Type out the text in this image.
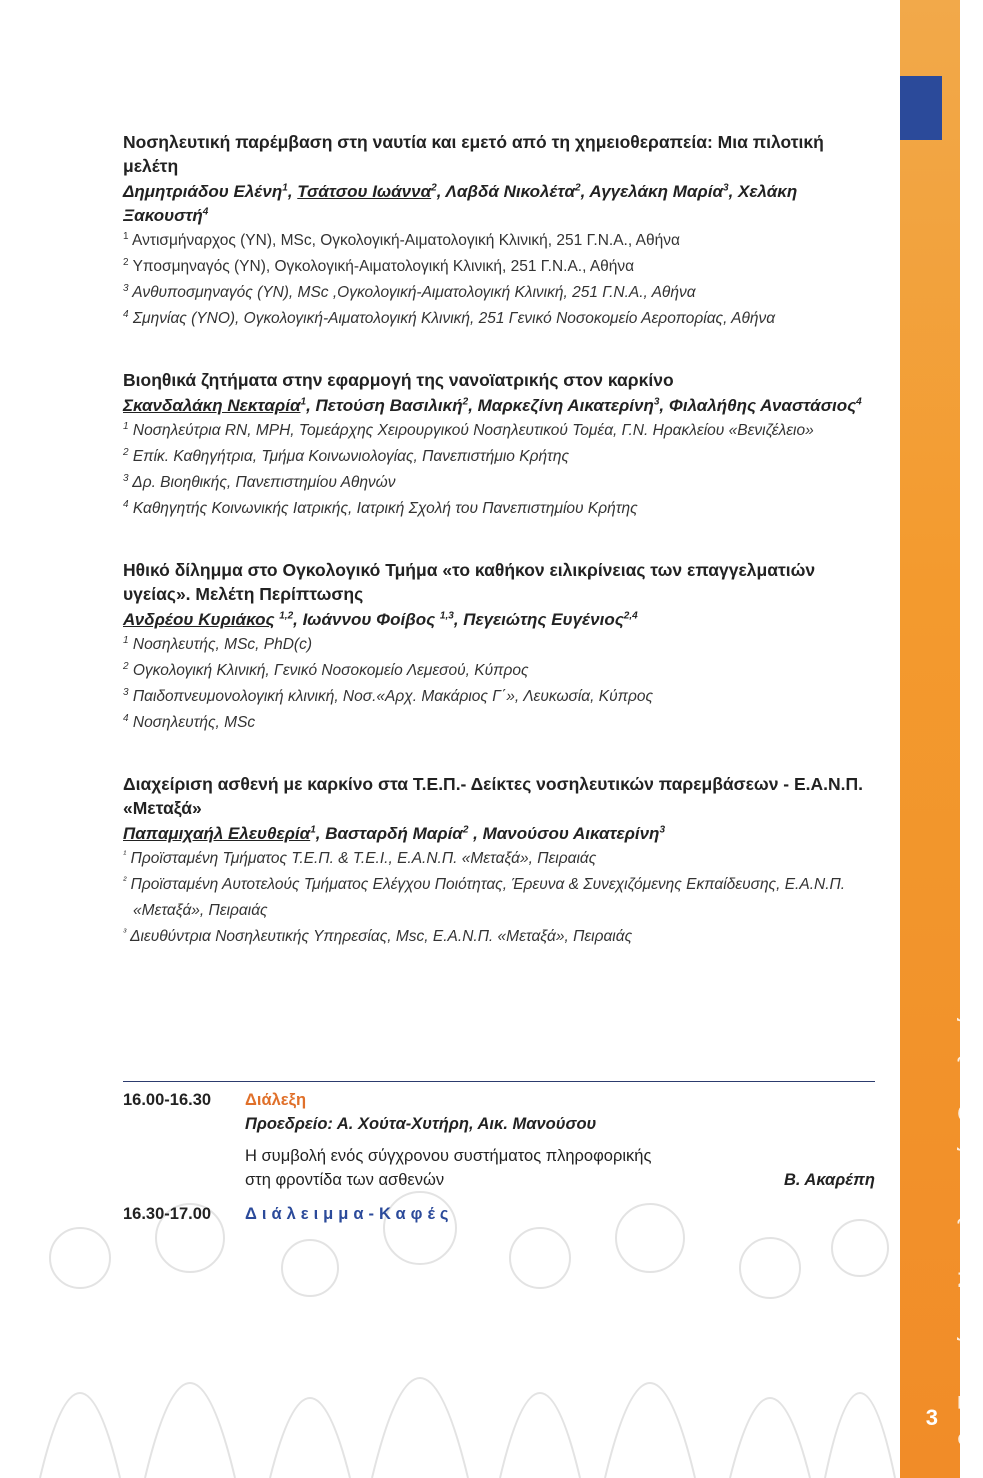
3ο Συμπόσιο Νοσηλευτικής Ογκολογίας
3
Νοσηλευτική παρέμβαση στη ναυτία και εμετό από τη χημειοθεραπεία: Μια πιλοτική μελέτη
Δημητριάδου Ελένη$^1$, Τσάτσου Ιωάννα$^2$, Λαβδά Νικολέτα$^2$, Αγγελάκη Μαρία$^3$, Χελάκη Ξακουστή$^4$
$^1$ Αντισμήναρχος (ΥΝ), MSc, Ογκολογική-Αιματολογική Κλινική, 251 Γ.Ν.Α., Αθήνα
$^2$ Υποσμηναγός (ΥΝ), Ογκολογική-Αιματολογική Κλινική, 251 Γ.Ν.Α., Αθήνα
$^3$ Ανθυποσμηναγός (ΥΝ), MSc ,Ογκολογική-Αιματολογική Κλινική, 251 Γ.Ν.Α., Αθήνα
$^4$ Σμηνίας (ΥΝΟ), Ογκολογική-Αιματολογική Κλινική, 251 Γενικό Νοσοκομείο Αεροπορίας, Αθήνα
Βιοηθικά ζητήματα στην εφαρμογή της νανοϊατρικής στον καρκίνο
Σκανδαλάκη Νεκταρία$^1$, Πετούση Βασιλική$^2$, Μαρκεζίνη Αικατερίνη$^3$, Φιλαλήθης Αναστάσιος$^4$
$^1$ Νοσηλεύτρια RN, MPH, Τομεάρχης Χειρουργικού Νοσηλευτικού Τομέα, Γ.Ν. Ηρακλείου «Βενιζέλειο»
$^2$ Επίκ. Καθηγήτρια, Τμήμα Κοινωνιολογίας, Πανεπιστήμιο Κρήτης
$^3$ Δρ. Βιοηθικής, Πανεπιστημίου Αθηνών
$^4$ Καθηγητής Κοινωνικής Ιατρικής, Ιατρική Σχολή του Πανεπιστημίου Κρήτης
Ηθικό δίλημμα στο Ογκολογικό Τμήμα «το καθήκον ειλικρίνειας των επαγγελματιών υγείας». Μελέτη Περίπτωσης
Ανδρέου Κυριάκος $^{1,2}$, Ιωάννου Φοίβος $^{1,3}$, Πεγειώτης Ευγένιος$^{2,4}$
$^1$ Νοσηλευτής, MSc, PhD(c)
$^2$ Ογκολογική Κλινική, Γενικό Νοσοκομείο Λεμεσού, Κύπρος
$^3$ Παιδοπνευμονολογική κλινική, Νοσ.«Αρχ. Μακάριος Γ΄», Λευκωσία, Κύπρος
$^4$ Νοσηλευτής, MSc
Διαχείριση ασθενή με καρκίνο στα Τ.Ε.Π.- Δείκτες νοσηλευτικών παρεμβάσεων - Ε.Α.Ν.Π. «Μεταξά»
Παπαμιχαήλ Ελευθερία$^1$, Βασταρδή Μαρία$^2$ , Μανούσου Αικατερίνη$^3$
$^{^1}$ Προϊσταμένη Τμήματος Τ.Ε.Π. & Τ.Ε.Ι., Ε.Α.Ν.Π. «Μεταξά», Πειραιάς
$^{^2}$ Προϊσταμένη Αυτοτελούς Τμήματος Ελέγχου Ποιότητας, Έρευνα & Συνεχιζόμενης Εκπαίδευσης, Ε.Α.Ν.Π. «Μεταξά», Πειραιάς
$^{^3}$ Διευθύντρια Νοσηλευτικής Υπηρεσίας, Msc, Ε.Α.Ν.Π. «Μεταξά», Πειραιάς
16.00-16.30	Διάλεξη
Προεδρείο: Α. Χούτα-Χυτήρη, Αικ. Μανούσου
Η συμβολή ενός σύγχρονου συστήματος πληροφορικής
στη φροντίδα των ασθενών	Β. Ακαρέπη
16.30-17.00	Διάλειμμα-Καφές
